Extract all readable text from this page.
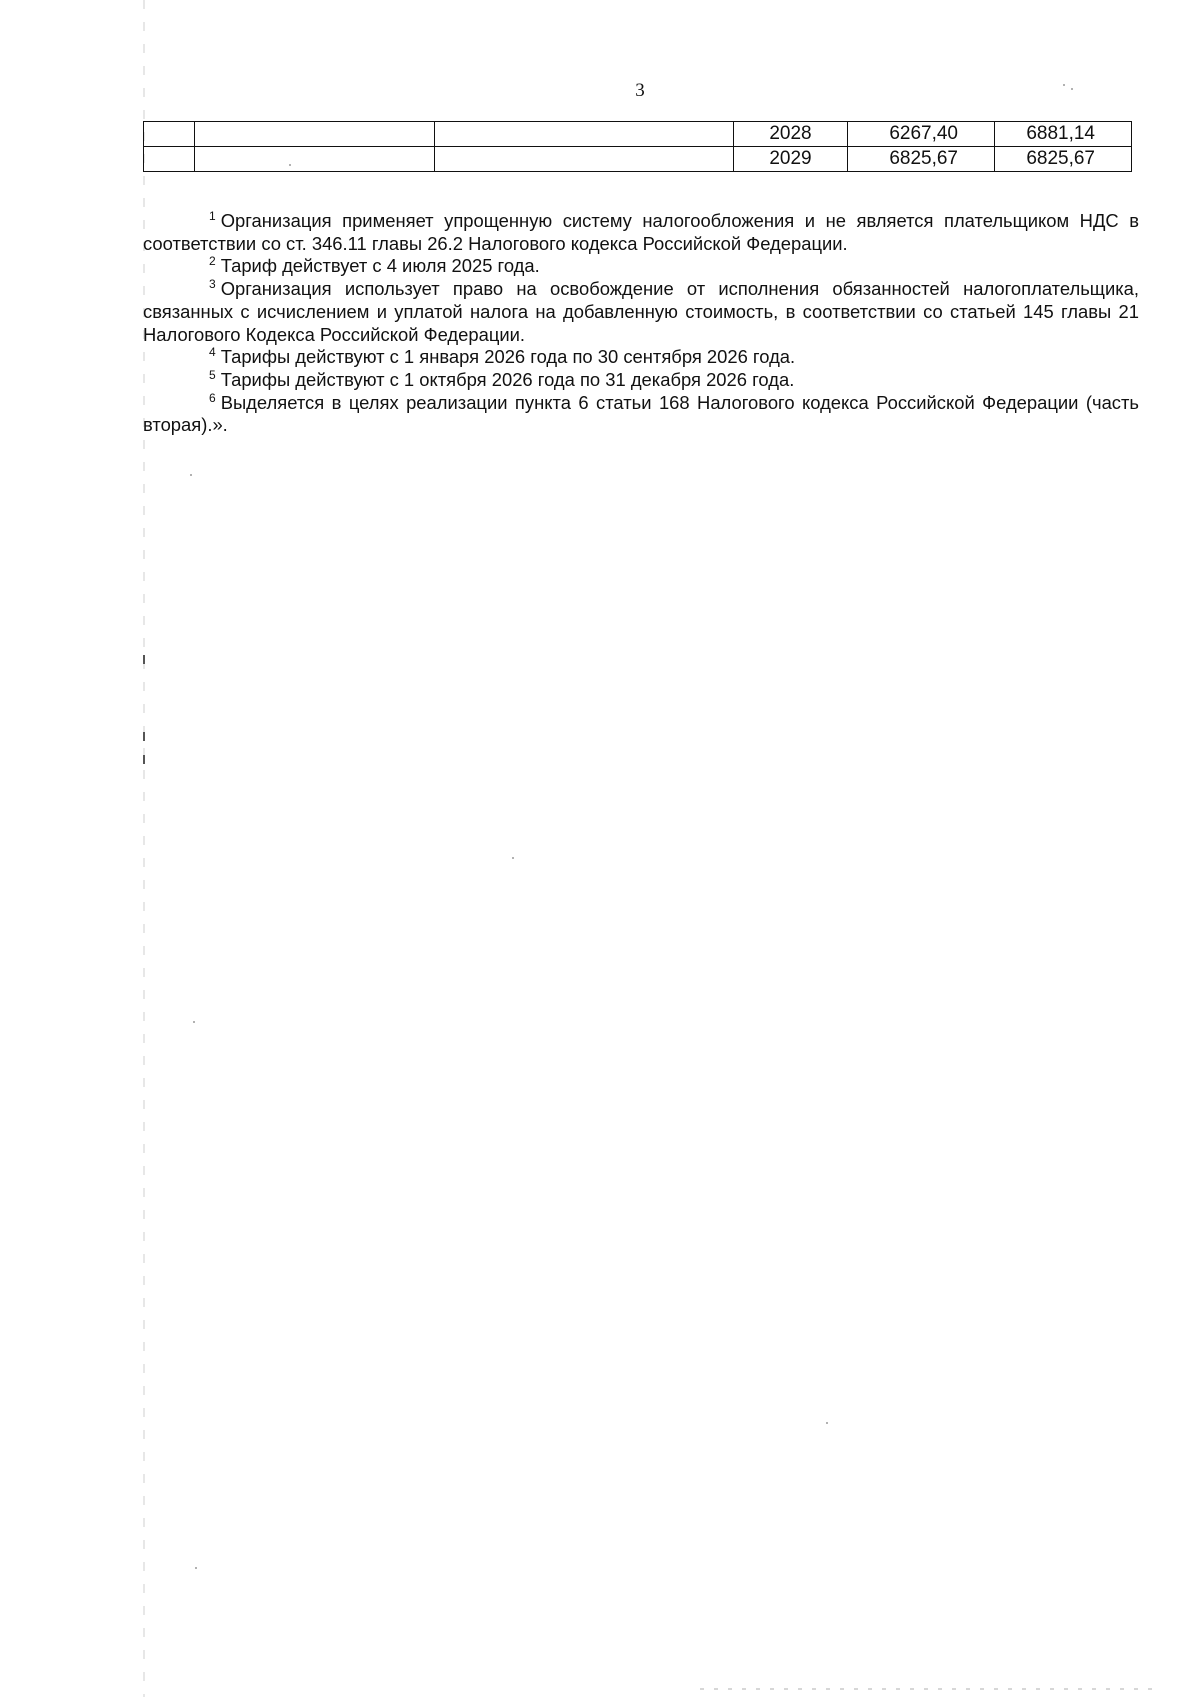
3
			2028	6267,40	6881,14
			2029	6825,67	6825,67

$^1$ Организация применяет упрощенную систему налогообложения и не является плательщиком НДС в соответствии со ст. 346.11 главы 26.2 Налогового кодекса Российской Федерации.

$^2$ Тариф действует с 4 июля 2025 года.

$^3$ Организация использует право на освобождение от исполнения обязанностей налогоплательщика, связанных с исчислением и уплатой налога на добавленную стоимость, в соответствии со статьей 145 главы 21 Налогового Кодекса Российской Федерации.

$^4$ Тарифы действуют с 1 января 2026 года по 30 сентября 2026 года.

$^5$ Тарифы действуют с 1 октября 2026 года по 31 декабря 2026 года.

$^6$ Выделяется в целях реализации пункта 6 статьи 168 Налогового кодекса Российской Федерации (часть вторая).».
